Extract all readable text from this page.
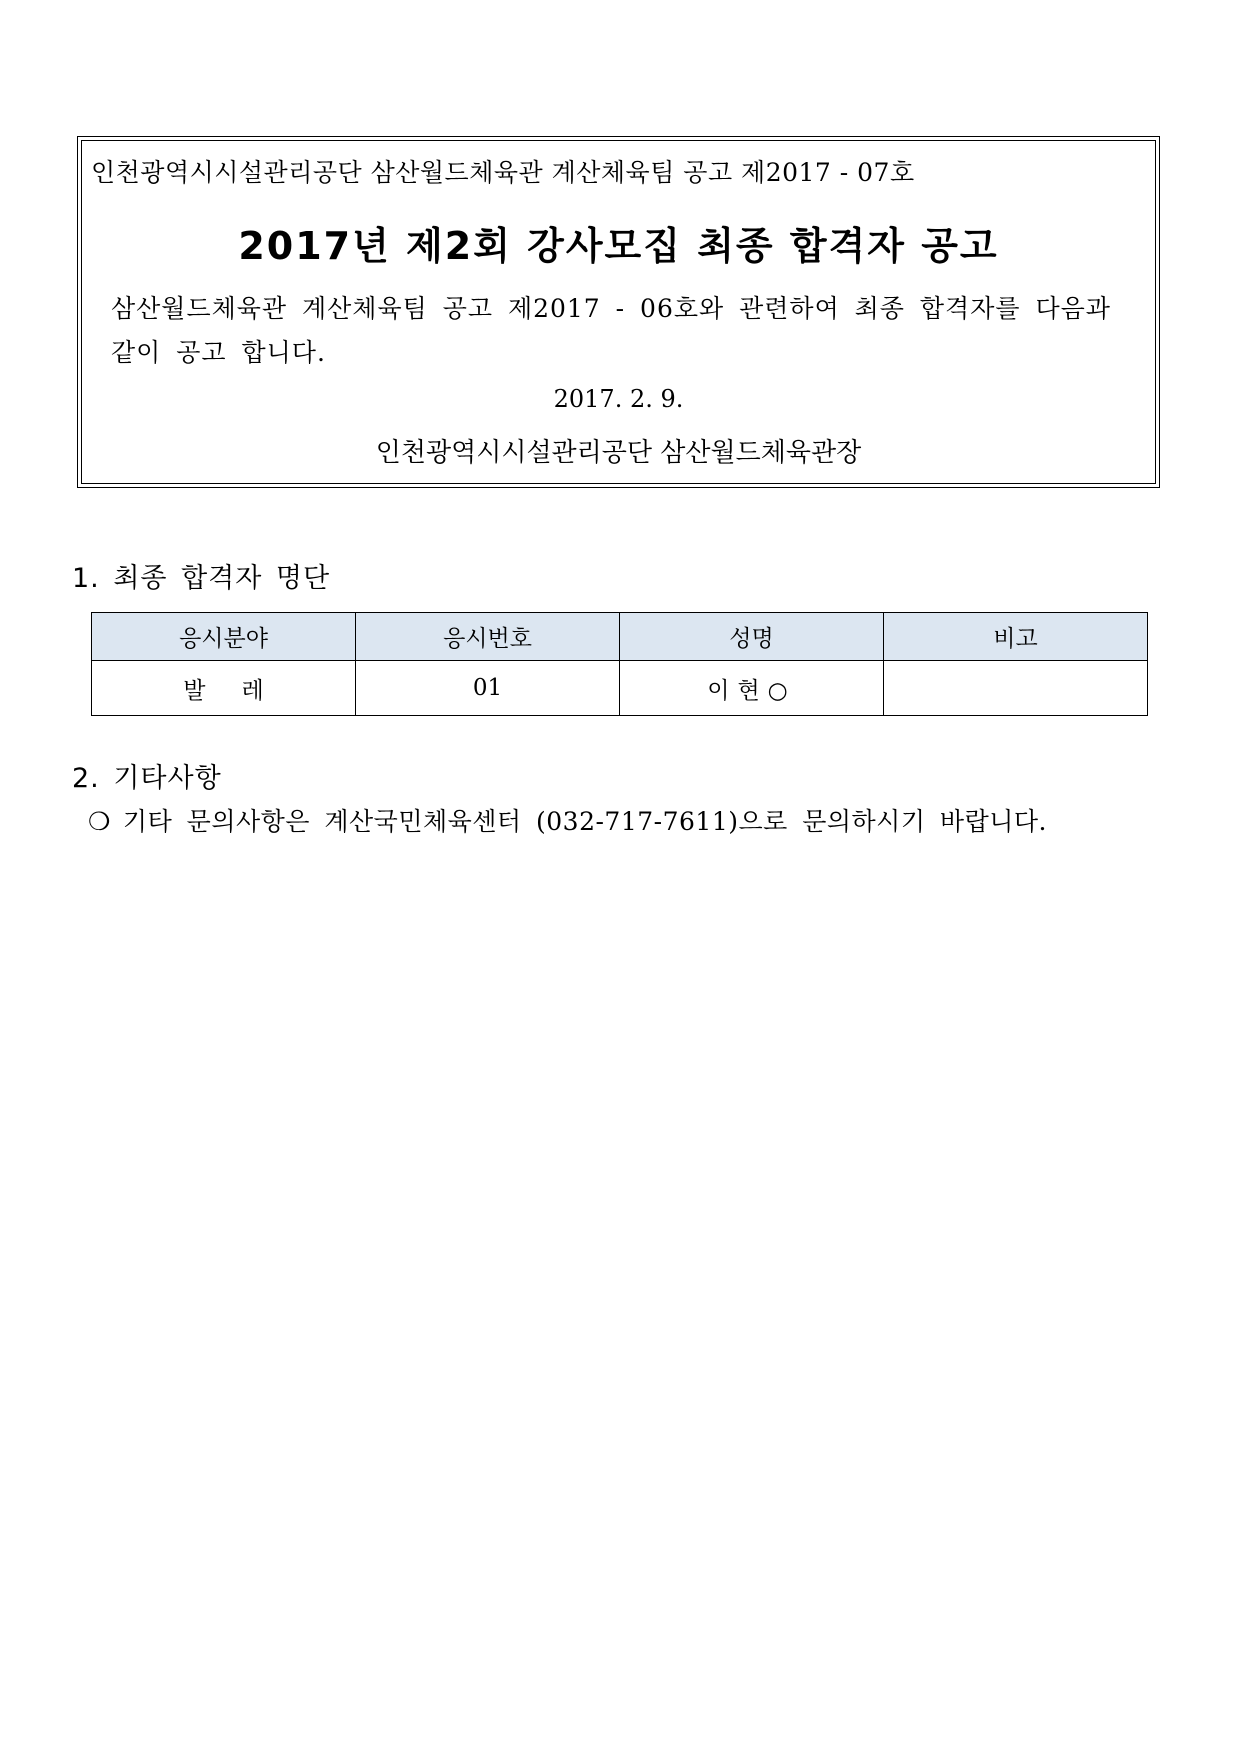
인천광역시시설관리공단 삼산월드체육관 계산체육팀 공고 제2017 - 07호
2017년 제2회 강사모집 최종 합격자 공고
삼산월드체육관 계산체육팀 공고 제2017 - 06호와 관련하여 최종 합격자를 다음과
같이 공고 합니다.
2017. 2. 9.
인천광역시시설관리공단 삼산월드체육관장
1. 최종 합격자 명단
응시분야	응시번호	성명	비고
발레	01	이현○	
2. 기타사항
❍ 기타 문의사항은 계산국민체육센터 (032-717-7611)으로 문의하시기 바랍니다.
